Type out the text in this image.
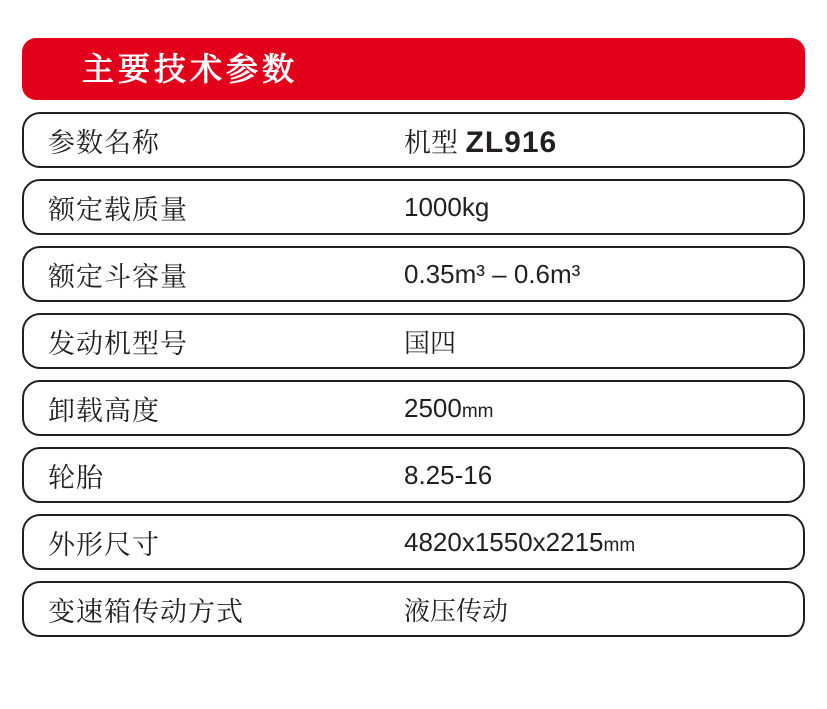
主要技术参数
参数名称	机型 ZL916
额定载质量	1000kg
额定斗容量	0.35m³ – 0.6m³
发动机型号	国四
卸载高度	2500mm
轮胎	8.25-16
外形尺寸	4820x1550x2215mm
变速箱传动方式	液压传动
